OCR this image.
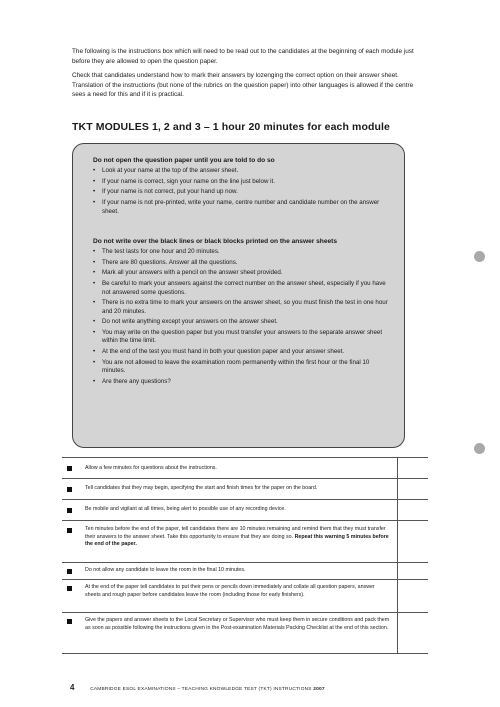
The following is the instructions box which will need to be read out to the candidates at the beginning of each module just before they are allowed to open the question paper.

Check that candidates understand how to mark their answers by lozenging the correct option on their answer sheet. Translation of the instructions (but none of the rubrics on the question paper) into other languages is allowed if the centre sees a need for this and if it is practical.

TKT MODULES 1, 2 and 3 – 1 hour 20 minutes for each module
Do not open the question paper until you are told to do so
• Look at your name at the top of the answer sheet.
• If your name is correct, sign your name on the line just below it.
• If your name is not correct, put your hand up now.
• If your name is not pre-printed, write your name, centre number and candidate number on the answer sheet.
Do not write over the black lines or black blocks printed on the answer sheets
• The test lasts for one hour and 20 minutes.
• There are 80 questions. Answer all the questions.
• Mark all your answers with a pencil on the answer sheet provided.
• Be careful to mark your answers against the correct number on the answer sheet, especially if you have not answered some questions.
• There is no extra time to mark your answers on the answer sheet, so you must finish the test in one hour and 20 minutes.
• Do not write anything except your answers on the answer sheet.
• You may write on the question paper but you must transfer your answers to the separate answer sheet within the time limit.
• At the end of the test you must hand in both your question paper and your answer sheet.
• You are not allowed to leave the examination room permanently within the first hour or the final 10 minutes.
• Are there any questions?
Allow a few minutes for questions about the instructions.
Tell candidates that they may begin, specifying the start and finish times for the paper on the board.
Be mobile and vigilant at all times, being alert to possible use of any recording device.
Ten minutes before the end of the paper, tell candidates there are 10 minutes remaining and remind them that they must transfer their answers to the answer sheet. Take this opportunity to ensure that they are doing so. Repeat this warning 5 minutes before the end of the paper.
Do not allow any candidate to leave the room in the final 10 minutes.
At the end of the paper tell candidates to put their pens or pencils down immediately and collate all question papers, answer sheets and rough paper before candidates leave the room (including those for early finishers).
Give the papers and answer sheets to the Local Secretary or Supervisor who must keep them in secure conditions and pack them as soon as possible following the instructions given in the Post-examination Materials Packing Checklist at the end of this section.
4	CAMBRIDGE ESOL EXAMINATIONS – TEACHING KNOWLEDGE TEST (TKT) INSTRUCTIONS 2007
